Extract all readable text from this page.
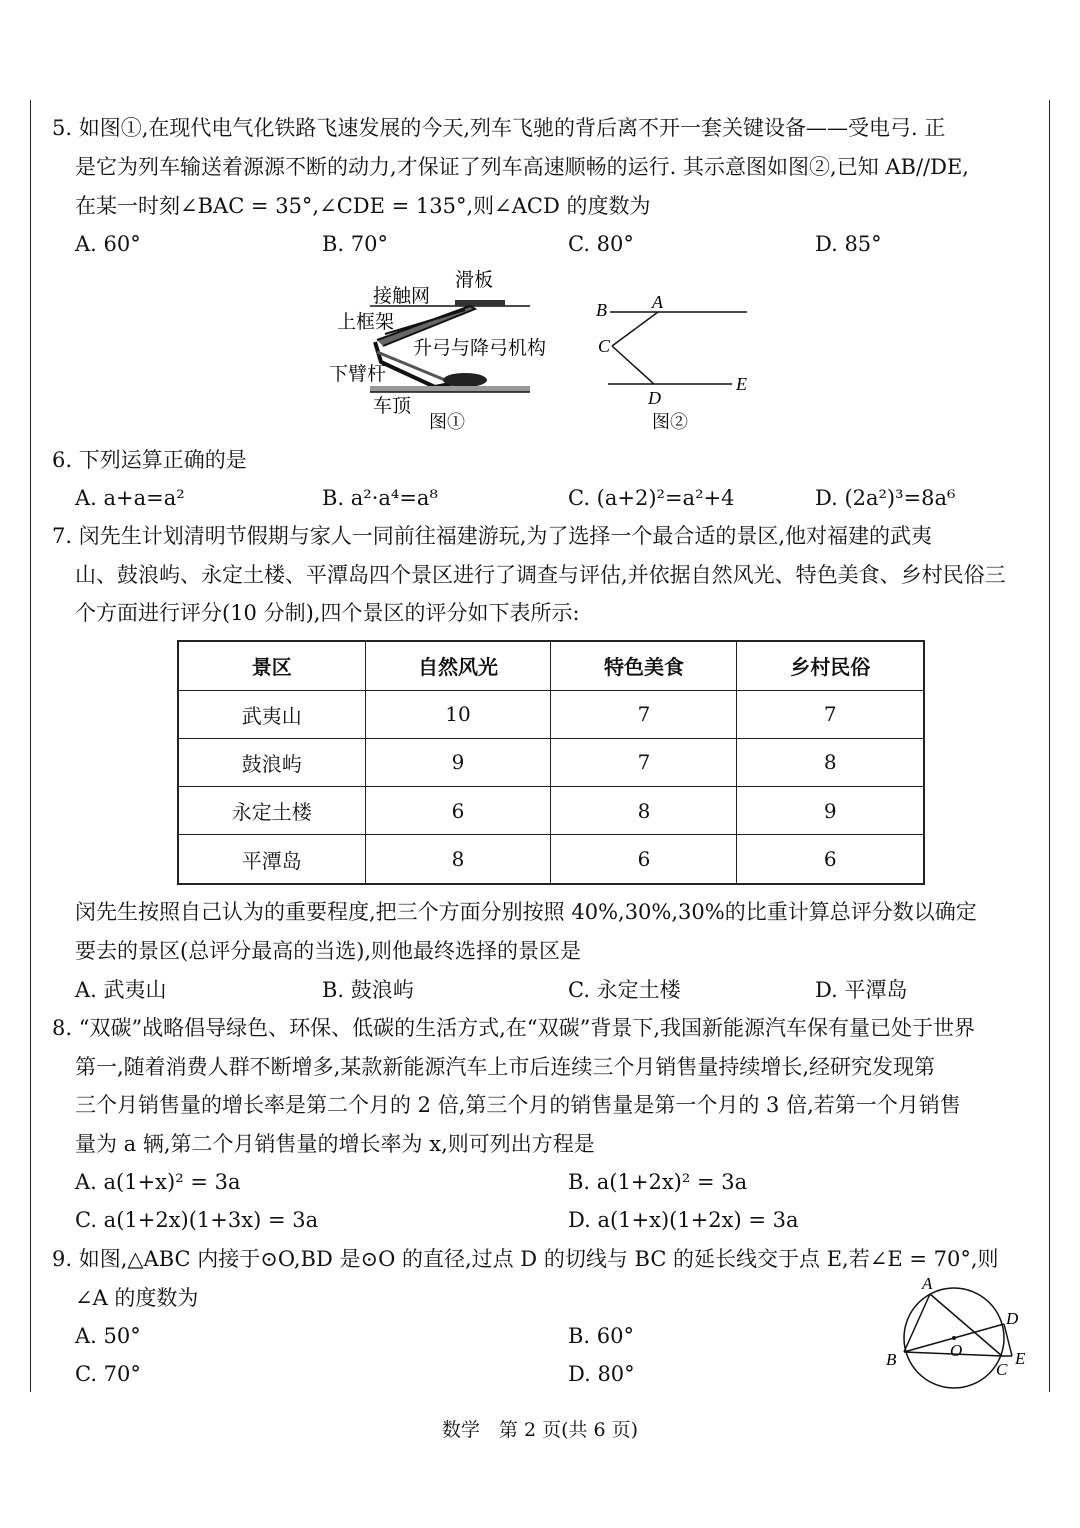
5. 如图①,在现代电气化铁路飞速发展的今天,列车飞驰的背后离不开一套关键设备——受电弓. 正
是它为列车输送着源源不断的动力,才保证了列车高速顺畅的运行. 其示意图如图②,已知 AB//DE,
在某一时刻∠BAC = 35°,∠CDE = 135°,则∠ACD 的度数为
A. 60°	B. 70°	C. 80°	D. 85°
滑板
接触网
上框架
升弓与降弓机构
下臂杆
车顶
图①
B	A
C
D
E
图②
6. 下列运算正确的是
A. a+a=a²	B. a²·a⁴=a⁸	C. (a+2)²=a²+4	D. (2a²)³=8a⁶
7. 闵先生计划清明节假期与家人一同前往福建游玩,为了选择一个最合适的景区,他对福建的武夷
山、鼓浪屿、永定土楼、平潭岛四个景区进行了调查与评估,并依据自然风光、特色美食、乡村民俗三
个方面进行评分(10 分制),四个景区的评分如下表所示:
景区	自然风光	特色美食	乡村民俗
武夷山	10	7	7
鼓浪屿	9	7	8
永定土楼	6	8	9
平潭岛	8	6	6
闵先生按照自己认为的重要程度,把三个方面分别按照 40%,30%,30%的比重计算总评分数以确定
要去的景区(总评分最高的当选),则他最终选择的景区是
A. 武夷山	B. 鼓浪屿	C. 永定土楼	D. 平潭岛
8. “双碳”战略倡导绿色、环保、低碳的生活方式,在“双碳”背景下,我国新能源汽车保有量已处于世界
第一,随着消费人群不断增多,某款新能源汽车上市后连续三个月销售量持续增长,经研究发现第
三个月销售量的增长率是第二个月的 2 倍,第三个月的销售量是第一个月的 3 倍,若第一个月销售
量为 a 辆,第二个月销售量的增长率为 x,则可列出方程是
A. a(1+x)² = 3a	B. a(1+2x)² = 3a
C. a(1+2x)(1+3x) = 3a	D. a(1+x)(1+2x) = 3a
9. 如图,△ABC 内接于⊙O,BD 是⊙O 的直径,过点 D 的切线与 BC 的延长线交于点 E,若∠E = 70°,则
∠A 的度数为
A. 50°	B. 60°
C. 70°	D. 80°
A
D
O
B
C
E
数学　第 2 页(共 6 页)
